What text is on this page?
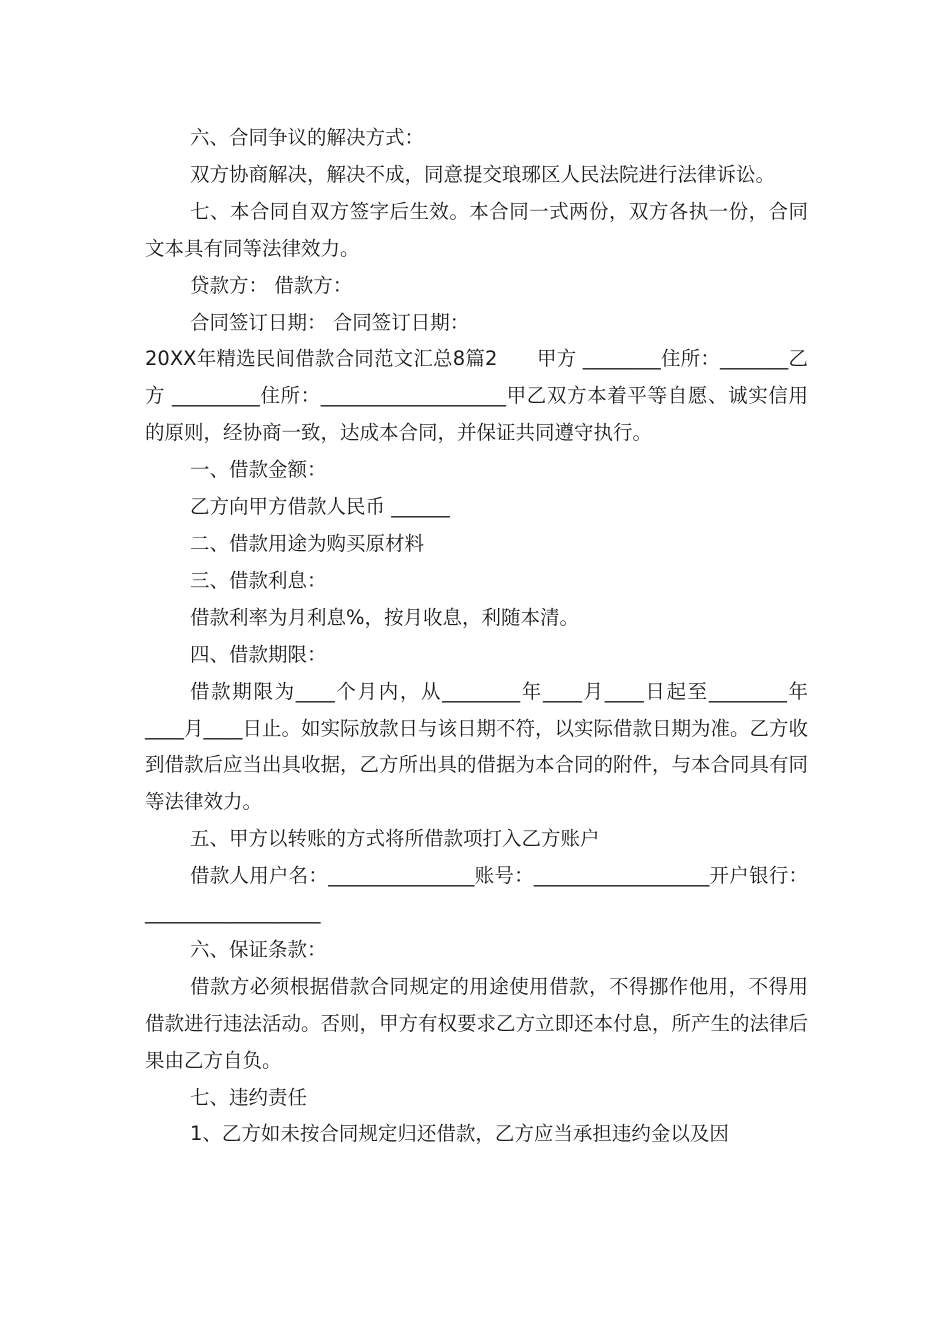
六、合同争议的解决方式：

双方协商解决，解决不成，同意提交琅琊区人民法院进行法律诉讼。

七、本合同自双方签字后生效。本合同一式两份，双方各执一份，合同文本具有同等法律效力。

贷款方： 借款方：

合同签订日期： 合同签订日期：

20XX年精选民间借款合同范文汇总8篇2　　甲方 ________住所：_______乙方 _________住所：___________________甲乙双方本着平等自愿、诚实信用的原则，经协商一致，达成本合同，并保证共同遵守执行。

一、借款金额：

乙方向甲方借款人民币 ______

二、借款用途为购买原材料

三、借款利息：

借款利率为月利息%，按月收息，利随本清。

四、借款期限：

借款期限为____个月内，从________年____月____日起至________年____月____日止。如实际放款日与该日期不符，以实际借款日期为准。乙方收到借款后应当出具收据，乙方所出具的借据为本合同的附件，与本合同具有同等法律效力。

五、甲方以转账的方式将所借款项打入乙方账户

借款人用户名：_______________账号：__________________开户银行：__________________

六、保证条款：

借款方必须根据借款合同规定的用途使用借款，不得挪作他用，不得用借款进行违法活动。否则，甲方有权要求乙方立即还本付息，所产生的法律后果由乙方自负。

七、违约责任

1、乙方如未按合同规定归还借款，乙方应当承担违约金以及因
